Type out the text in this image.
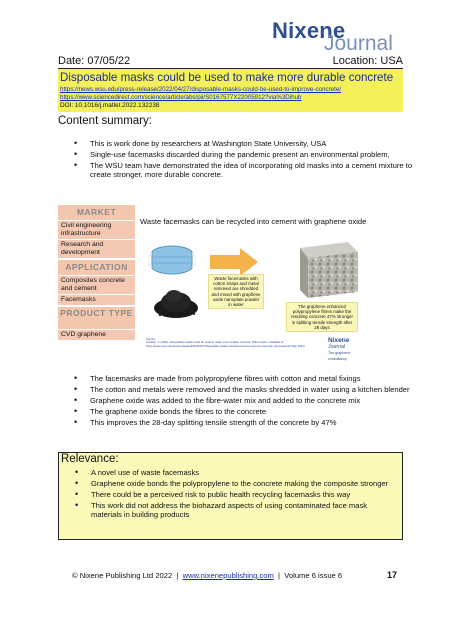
Nixene
Journal
Date: 07/05/22	Location: USA
Disposable masks could be used to make more durable concrete
https://news.wsu.edu/press-release/2022/04/27/disposable-masks-could-be-used-to-improve-concrete/
https://www.sciencedirect.com/science/article/abs/pii/S0167577X22005912?via%3Dihub
DOI: 10.1016/j.matlet.2022.132238
Content summary:
• This is work done by researchers at Washington State University, USA
• Single-use facemasks discarded during the pandemic present an environmental problem,
• The WSU team have demonstrated the idea of incorporating old masks into a cement mixture to create stronger, more durable concrete.
MARKET
Civil engineering infrastructure
Research and development
APPLICATION
Composites concrete and cement
Facemasks
PRODUCT TYPE
CVD graphene
Waste facemasks can be recycled into cement with graphene oxide
Waste facemasks with cotton straps and metal removed are shredded and mixed with graphene oxide nanoplate powder in water	The graphene enhanced polypropylene fibres make the resulting concrete 47% stronger in splitting tensile strength after 28 days
Source:
Indrasiri, T. (2022). Disposable masks could be used to make more durable concrete. WSU Insider. Available at https://news.wsu.edu/press-release/2022/04/27/disposable-masks-could-be-used-to-improve-concrete/ (Accessed 06 May 2022)
Nixene
Journal
The graphene consultancy
• The facemasks are made from polypropylene fibres with cotton and metal fixings
• The cotton and metals were removed and the masks shredded in water using a kitchen blender
• Graphene oxide was added to the fibre-water mix and added to the concrete mix
• The graphene oxide bonds the fibres to the concrete
• This improves the 28-day splitting tensile strength of the concrete by 47%
Relevance:
• A novel use of waste facemasks
• Graphene oxide bonds the polypropylene to the concrete making the composite stronger
• There could be a perceived risk to public health recycling facemasks this way
• This work did not address the biohazard aspects of using contaminated face mask materials in building products
© Nixene Publishing Ltd 2022 | www.nixenepublishing.com | Volume 6 issue 6	17
